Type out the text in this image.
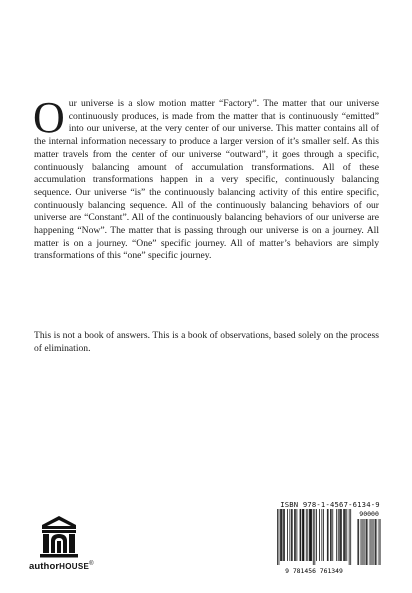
Our universe is a slow motion matter “Factory”. The matter that our universe continuously produces, is made from the matter that is continuously “emitted” into our universe, at the very center of our universe. This matter contains all of the internal information necessary to produce a larger version of it’s smaller self. As this matter travels from the center of our universe “outward”, it goes through a specific, continuously balancing amount of accumulation transformations. All of these accumulation transformations happen in a very specific, continuously balancing sequence. Our universe “is” the continuously balancing activity of this entire specific, continuously balancing sequence. All of the continuously balancing behaviors of our universe are “Constant”. All of the continuously balancing behaviors of our universe are happening “Now”. The matter that is passing through our universe is on a journey. All matter is on a journey. “One” specific journey. All of matter’s behaviors are simply transformations of this “one” specific journey.

This is not a book of answers. This is a book of observations, based solely on the process of elimination.

authorHOUSE®
ISBN 978-1-4567-6134-9
90000
9 781456 761349
